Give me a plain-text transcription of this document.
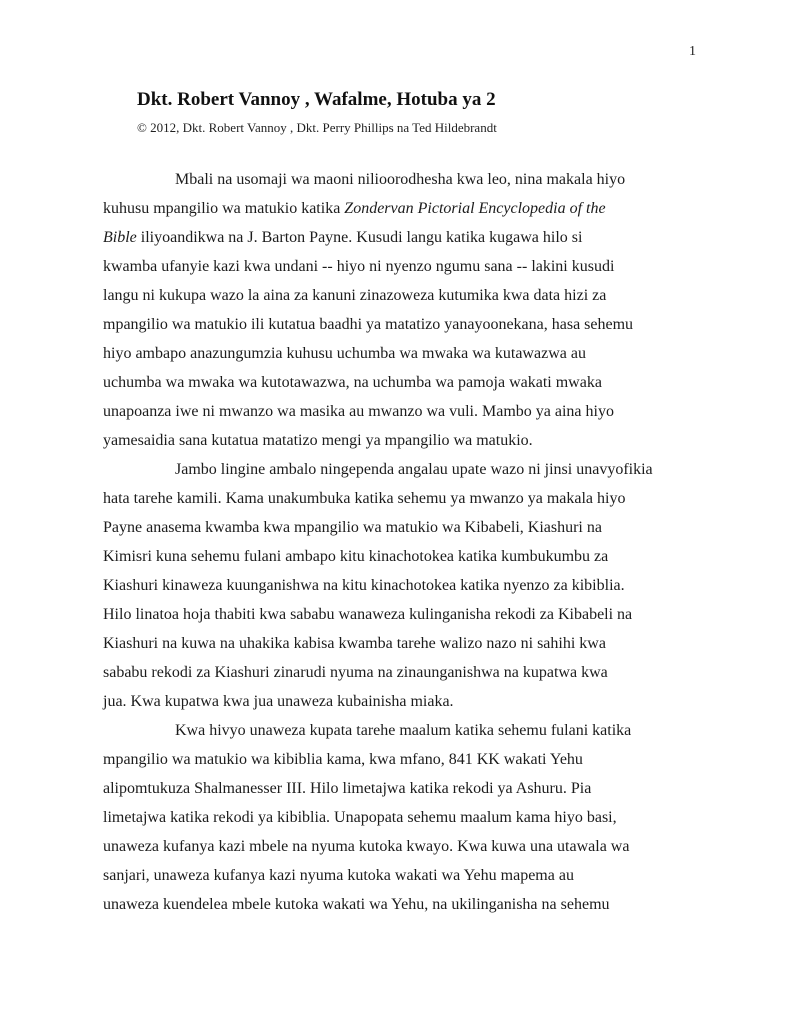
1
Dkt. Robert Vannoy , Wafalme, Hotuba ya 2
© 2012, Dkt. Robert Vannoy , Dkt. Perry Phillips na Ted Hildebrandt
Mbali na usomaji wa maoni nilioorodhesha kwa leo, nina makala hiyo
kuhusu mpangilio wa matukio katika Zondervan Pictorial Encyclopedia of the
Bible iliyoandikwa na J. Barton Payne. Kusudi langu katika kugawa hilo si
kwamba ufanyie kazi kwa undani -- hiyo ni nyenzo ngumu sana -- lakini kusudi
langu ni kukupa wazo la aina za kanuni zinazoweza kutumika kwa data hizi za
mpangilio wa matukio ili kutatua baadhi ya matatizo yanayoonekana, hasa sehemu
hiyo ambapo anazungumzia kuhusu uchumba wa mwaka wa kutawazwa au
uchumba wa mwaka wa kutotawazwa, na uchumba wa pamoja wakati mwaka
unapoanza iwe ni mwanzo wa masika au mwanzo wa vuli. Mambo ya aina hiyo
yamesaidia sana kutatua matatizo mengi ya mpangilio wa matukio.
Jambo lingine ambalo ningependa angalau upate wazo ni jinsi unavyofikia
hata tarehe kamili. Kama unakumbuka katika sehemu ya mwanzo ya makala hiyo
Payne anasema kwamba kwa mpangilio wa matukio wa Kibabeli, Kiashuri na
Kimisri kuna sehemu fulani ambapo kitu kinachotokea katika kumbukumbu za
Kiashuri kinaweza kuunganishwa na kitu kinachotokea katika nyenzo za kibiblia.
Hilo linatoa hoja thabiti kwa sababu wanaweza kulinganisha rekodi za Kibabeli na
Kiashuri na kuwa na uhakika kabisa kwamba tarehe walizo nazo ni sahihi kwa
sababu rekodi za Kiashuri zinarudi nyuma na zinaunganishwa na kupatwa kwa
jua. Kwa kupatwa kwa jua unaweza kubainisha miaka.
Kwa hivyo unaweza kupata tarehe maalum katika sehemu fulani katika
mpangilio wa matukio wa kibiblia kama, kwa mfano, 841 KK wakati Yehu
alipomtukuza Shalmanesser III. Hilo limetajwa katika rekodi ya Ashuru. Pia
limetajwa katika rekodi ya kibiblia. Unapopata sehemu maalum kama hiyo basi,
unaweza kufanya kazi mbele na nyuma kutoka kwayo. Kwa kuwa una utawala wa
sanjari, unaweza kufanya kazi nyuma kutoka wakati wa Yehu mapema au
unaweza kuendelea mbele kutoka wakati wa Yehu, na ukilinganisha na sehemu
